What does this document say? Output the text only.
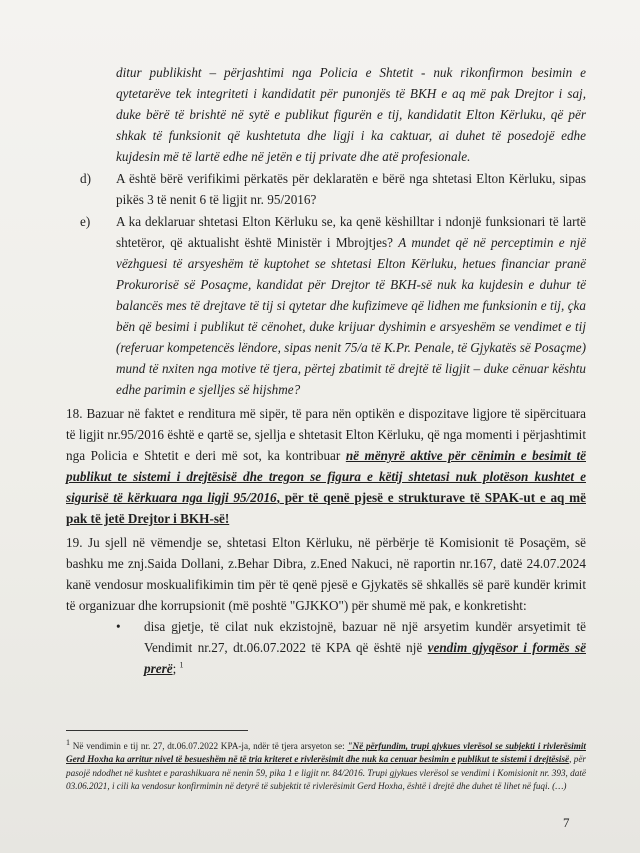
ditur publikisht – përjashtimi nga Policia e Shtetit - nuk rikonfirmon besimin e qytetarëve tek integriteti i kandidatit për punonjës të BKH e aq më pak Drejtor i saj, duke bërë të brishtë në sytë e publikut figurën e tij, kandidatit Elton Kërluku, që për shkak të funksionit që kushtetuta dhe ligji i ka caktuar, ai duhet të posedojë edhe kujdesin më të lartë edhe në jetën e tij private dhe atë profesionale.
d)	A është bërë verifikimi përkatës për deklaratën e bërë nga shtetasi Elton Kërluku, sipas pikës 3 të nenit 6 të ligjit nr. 95/2016?
e)	A ka deklaruar shtetasi Elton Kërluku se, ka qenë këshilltar i ndonjë funksionari të lartë shtetëror, që aktualisht është Ministër i Mbrojtjes? A mundet që në perceptimin e një vëzhguesi të arsyeshëm të kuptohet se shtetasi Elton Kërluku, hetues financiar pranë Prokurorisë së Posaçme, kandidat për Drejtor të BKH-së nuk ka kujdesin e duhur të balancës mes të drejtave të tij si qytetar dhe kufizimeve që lidhen me funksionin e tij, çka bën që besimi i publikut të cënohet, duke krijuar dyshimin e arsyeshëm se vendimet e tij (referuar kompetencës lëndore, sipas nenit 75/a të K.Pr. Penale, të Gjykatës së Posaçme) mund të nxiten nga motive të tjera, përtej zbatimit të drejtë të ligjit – duke cënuar kështu edhe parimin e sjelljes së hijshme?
18. Bazuar në faktet e renditura më sipër, të para nën optikën e dispozitave ligjore të sipërcituara të ligjit nr.95/2016 është e qartë se, sjellja e shtetasit Elton Kërluku, që nga momenti i përjashtimit nga Policia e Shtetit e deri më sot, ka kontribuar në mënyrë aktive për cënimin e besimit të publikut te sistemi i drejtësisë dhe tregon se figura e këtij shtetasi nuk plotëson kushtet e sigurisë të kërkuara nga ligji 95/2016, për të qenë pjesë e strukturave të SPAK-ut e aq më pak të jetë Drejtor i BKH-së!
19. Ju sjell në vëmendje se, shtetasi Elton Kërluku, në përbërje të Komisionit të Posaçëm, së bashku me znj.Saida Dollani, z.Behar Dibra, z.Ened Nakuci, në raportin nr.167, datë 24.07.2024 kanë vendosur moskualifikimin tim për të qenë pjesë e Gjykatës së shkallës së parë kundër krimit të organizuar dhe korrupsionit (më poshtë "GJKKO") për shumë më pak, e konkretisht:
• disa gjetje, të cilat nuk ekzistojnë, bazuar në një arsyetim kundër arsyetimit të Vendimit nr.27, dt.06.07.2022 të KPA që është një vendim gjyqësor i formës së prerë; $^1$
$^1$ Në vendimin e tij nr. 27, dt.06.07.2022 KPA-ja, ndër të tjera arsyeton se: "Në përfundim, trupi gjykues vlerësol se subjekti i rivlerësimit Gerd Hoxha ka arritur nivel të besueshëm në të tria kriteret e rivlerësimit dhe nuk ka cenuar besimin e publikut te sistemi i drejtësisë, për pasojë ndodhet në kushtet e parashikuara në nenin 59, pika 1 e ligjit nr. 84/2016. Trupi gjykues vlerësol se vendimi i Komisionit nr. 393, datë 03.06.2021, i cili ka vendosur konfirmimin në detyrë të subjektit të rivlerësimit Gerd Hoxha, është i drejtë dhe duhet të lihet në fuqi. (…)
7
